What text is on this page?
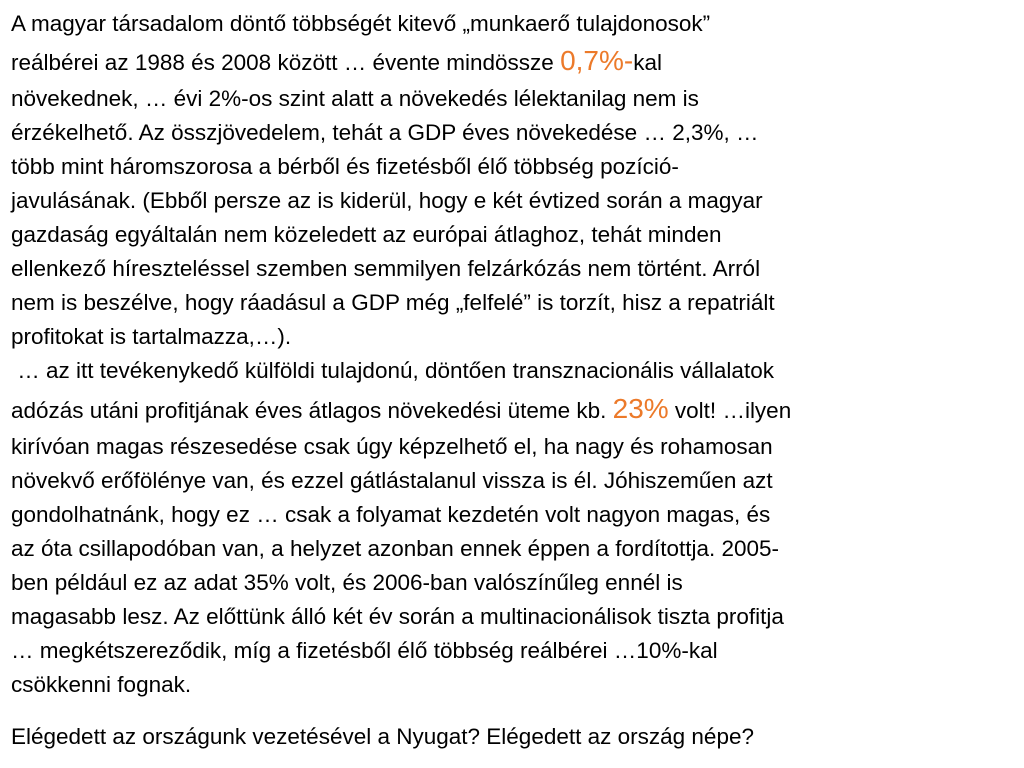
A magyar társadalom döntő többségét kitevő „munkaerő tulajdonosok”
reálbérei az 1988 és 2008 között … évente mindössze 0,7%-kal
növekednek, … évi 2%-os szint alatt a növekedés lélektanilag nem is
érzékelhető. Az összjövedelem, tehát a GDP éves növekedése … 2,3%, …
több mint háromszorosa a bérből és fizetésből élő többség pozíció-
javulásának. (Ebből persze az is kiderül, hogy e két évtized során a magyar
gazdaság egyáltalán nem közeledett az európai átlaghoz, tehát minden
ellenkező híreszteléssel szemben semmilyen felzárkózás nem történt. Arról
nem is beszélve, hogy ráadásul a GDP még „felfelé” is torzít, hisz a repatriált
profitokat is tartalmazza,…).
… az itt tevékenykedő külföldi tulajdonú, döntően transznacionális vállalatok
adózás utáni profitjának éves átlagos növekedési üteme kb. 23% volt! …ilyen
kirívóan magas részesedése csak úgy képzelhető el, ha nagy és rohamosan
növekvő erőfölénye van, és ezzel gátlástalanul vissza is él. Jóhiszeműen azt
gondolhatnánk, hogy ez … csak a folyamat kezdetén volt nagyon magas, és
az óta csillapodóban van, a helyzet azonban ennek éppen a fordítottja. 2005-
ben például ez az adat 35% volt, és 2006-ban valószínűleg ennél is
magasabb lesz. Az előttünk álló két év során a multinacionálisok tiszta profitja
… megkétszereződik, míg a fizetésből élő többség reálbérei …10%-kal
csökkenni fognak.
Elégedett az országunk vezetésével a Nyugat? Elégedett az ország népe?
